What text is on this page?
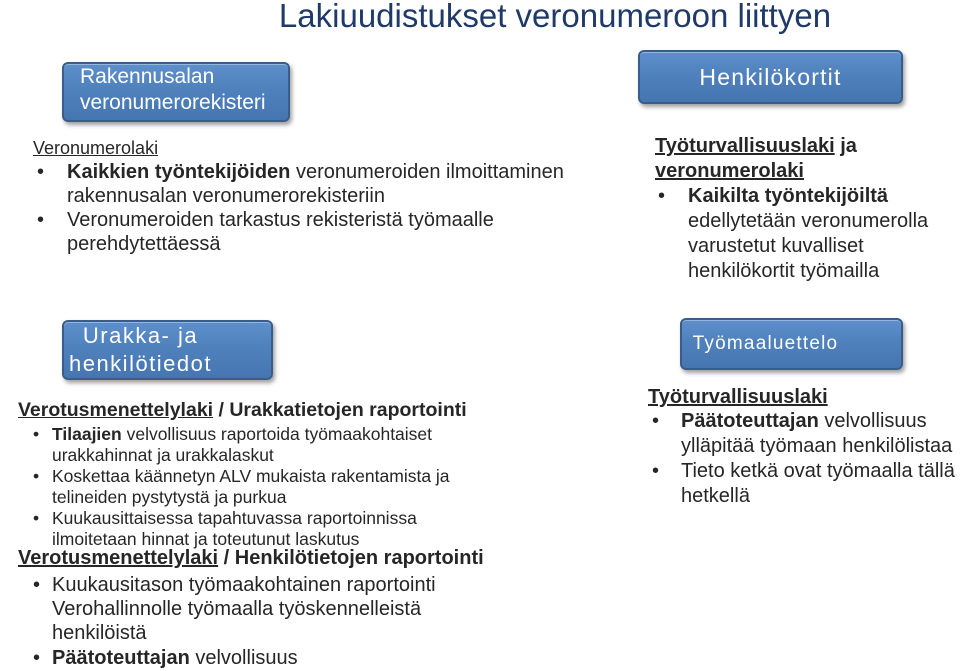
Lakiuudistukset veronumeroon liittyen
Rakennusalan
veronumerorekisteri
Henkilökortit
Urakka- ja
henkilötiedot
Työmaaluettelo
Veronumerolaki
• Kaikkien työntekijöiden veronumeroiden ilmoittaminen
rakennusalan veronumerorekisteriin
• Veronumeroiden tarkastus rekisteristä työmaalle
perehdytettäessä
Työturvallisuuslaki ja
veronumerolaki
• Kaikilta työntekijöiltä
edellytetään veronumerolla
varustetut kuvalliset
henkilökortit työmailla
Verotusmenettelylaki / Urakkatietojen raportointi
• Tilaajien velvollisuus raportoida työmaakohtaiset
urakkahinnat ja urakkalaskut
• Koskettaa käännetyn ALV mukaista rakentamista ja
telineiden pystytystä ja purkua
• Kuukausittaisessa tapahtuvassa raportoinnissa
ilmoitetaan hinnat ja toteutunut laskutus
Verotusmenettelylaki / Henkilötietojen raportointi
• Kuukausitason työmaakohtainen raportointi
Verohallinnolle työmaalla työskennelleistä
henkilöistä
• Päätoteuttajan velvollisuus
Työturvallisuuslaki
• Päätoteuttajan velvollisuus
ylläpitää työmaan henkilölistaa
• Tieto ketkä ovat työmaalla tällä
hetkellä
